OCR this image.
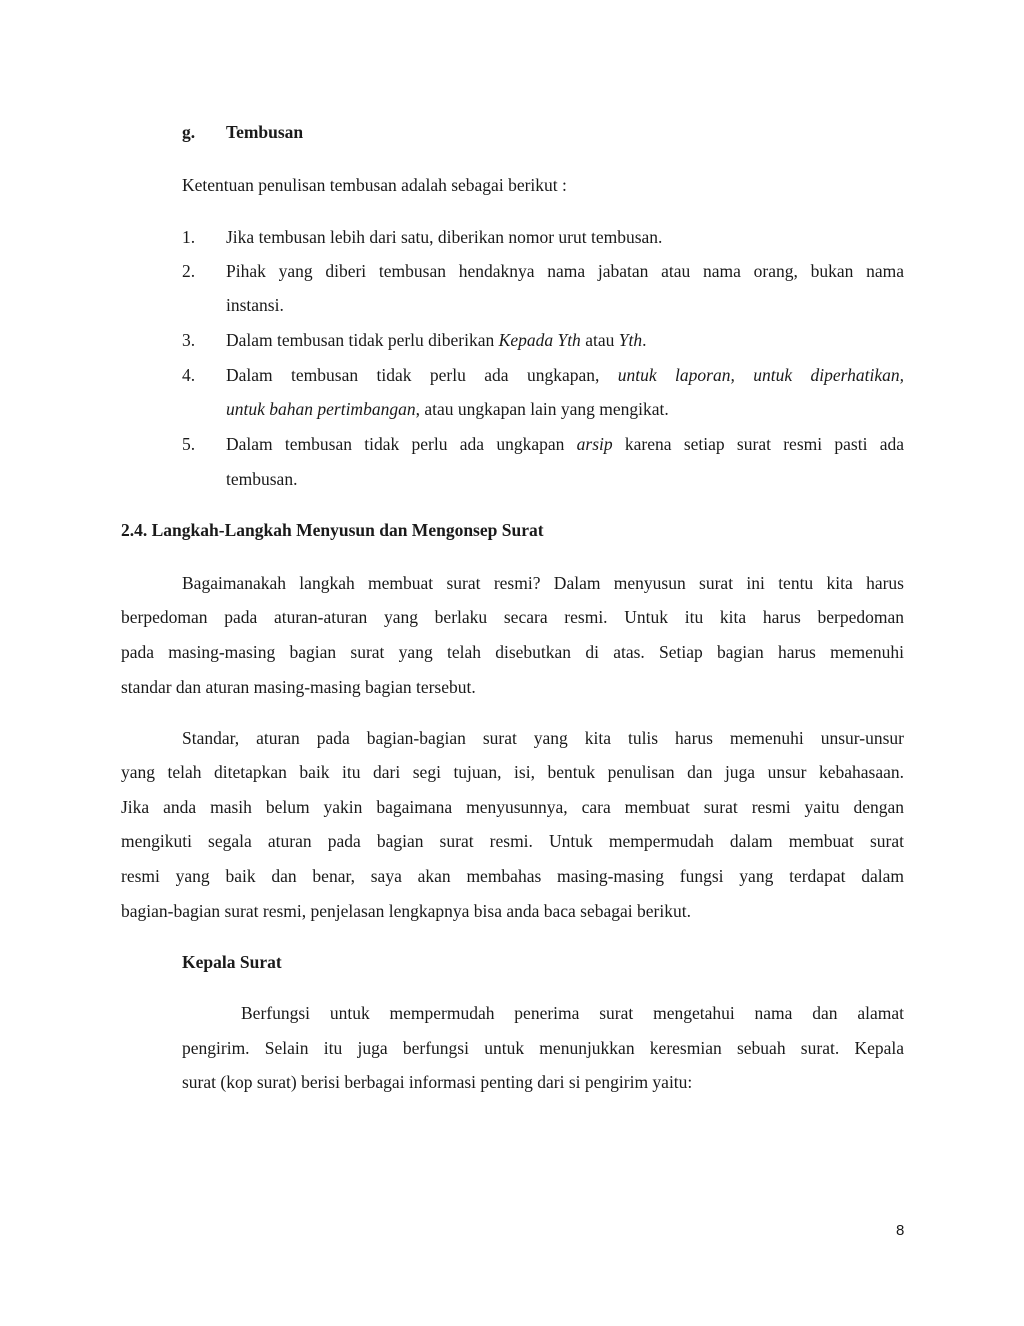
g. Tembusan
Ketentuan penulisan tembusan adalah sebagai berikut :
1. Jika tembusan lebih dari satu, diberikan nomor urut tembusan.
2. Pihak yang diberi tembusan hendaknya nama jabatan atau nama orang, bukan nama
instansi.
3. Dalam tembusan tidak perlu diberikan Kepada Yth atau Yth.
4. Dalam tembusan tidak perlu ada ungkapan, untuk laporan, untuk diperhatikan,
untuk bahan pertimbangan, atau ungkapan lain yang mengikat.
5. Dalam tembusan tidak perlu ada ungkapan arsip karena setiap surat resmi pasti ada
tembusan.
2.4. Langkah-Langkah Menyusun dan Mengonsep Surat
Bagaimanakah langkah membuat surat resmi? Dalam menyusun surat ini tentu kita harus
berpedoman pada aturan-aturan yang berlaku secara resmi. Untuk itu kita harus berpedoman
pada masing-masing bagian surat yang telah disebutkan di atas. Setiap bagian harus memenuhi
standar dan aturan masing-masing bagian tersebut.
Standar, aturan pada bagian-bagian surat yang kita tulis harus memenuhi unsur-unsur
yang telah ditetapkan baik itu dari segi tujuan, isi, bentuk penulisan dan juga unsur kebahasaan.
Jika anda masih belum yakin bagaimana menyusunnya, cara membuat surat resmi yaitu dengan
mengikuti segala aturan pada bagian surat resmi. Untuk mempermudah dalam membuat surat
resmi yang baik dan benar, saya akan membahas masing-masing fungsi yang terdapat dalam
bagian-bagian surat resmi, penjelasan lengkapnya bisa anda baca sebagai berikut.
Kepala Surat
Berfungsi untuk mempermudah penerima surat mengetahui nama dan alamat
pengirim. Selain itu juga berfungsi untuk menunjukkan keresmian sebuah surat. Kepala
surat (kop surat) berisi berbagai informasi penting dari si pengirim yaitu:
8
